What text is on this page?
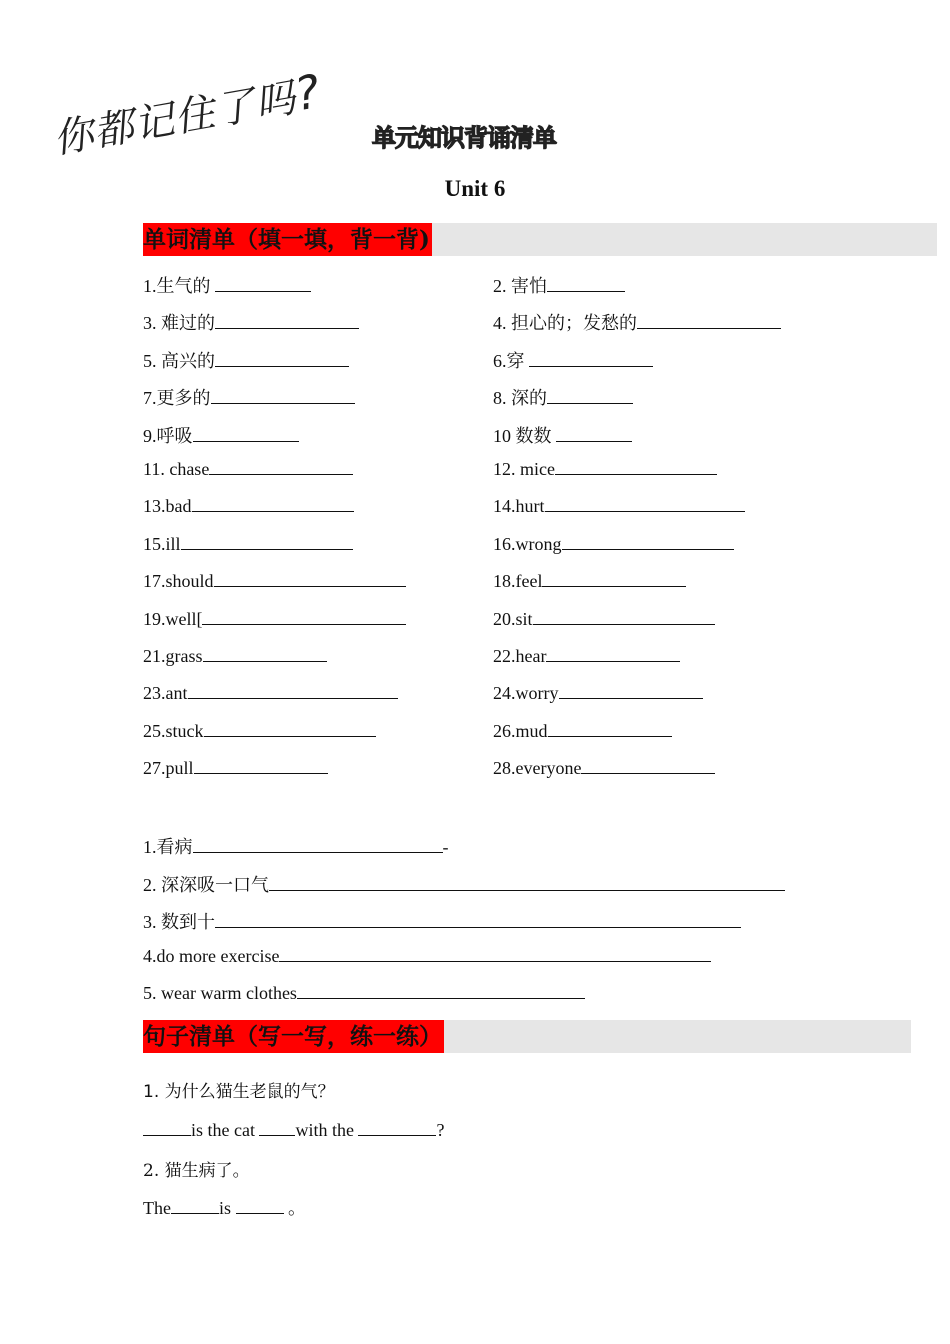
你都记住了吗?
单元知识背诵清单
Unit 6
单词清单（填一填，背一背)
1.生气的	2. 害怕
3. 难过的	4. 担心的；发愁的
5. 高兴的	6.穿
7.更多的	8. 深的
9.呼吸	10 数数
11. chase	12. mice
13.bad	14.hurt
15.ill	16.wrong
17.should	18.feel
19.well[	20.sit
21.grass	22.hear
23.ant	24.worry
25.stuck	26.mud
27.pull	28.everyone
1.看病	-
2. 深深吸一口气
3. 数到十
4.do more exercise
5. wear warm clothes
句子清单（写一写，练一练）
1. 为什么猫生老鼠的气？
is the cat with the	?
2. 猫生病了。
The	is	。
